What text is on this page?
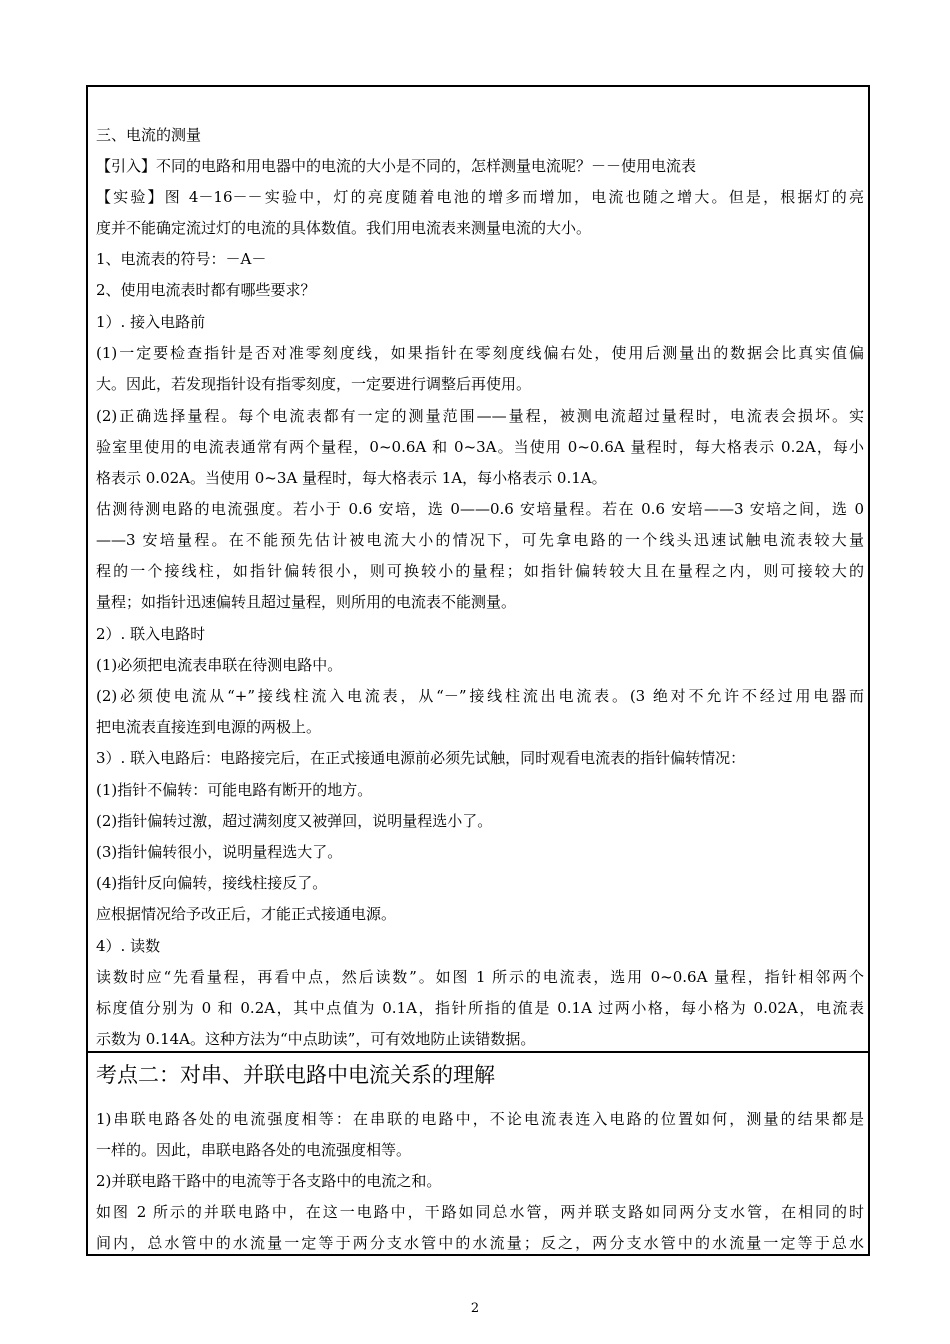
三、电流的测量
【引入】不同的电路和用电器中的电流的大小是不同的，怎样测量电流呢？－－使用电流表
【实验】图 4－16－－实验中，灯的亮度随着电池的增多而增加，电流也随之增大。但是，根据灯的亮
度并不能确定流过灯的电流的具体数值。我们用电流表来测量电流的大小。
1、电流表的符号：－A－
2、使用电流表时都有哪些要求？
1）. 接入电路前
(1)一定要检查指针是否对准零刻度线，如果指针在零刻度线偏右处，使用后测量出的数据会比真实值偏
大。因此，若发现指针设有指零刻度，一定要进行调整后再使用。
(2)正确选择量程。每个电流表都有一定的测量范围——量程，被测电流超过量程时，电流表会损坏。实
验室里使用的电流表通常有两个量程，0~0.6A 和 0~3A。当使用 0~0.6A 量程时，每大格表示 0.2A，每小
格表示 0.02A。当使用 0~3A 量程时，每大格表示 1A，每小格表示 0.1A。
估测待测电路的电流强度。若小于 0.6 安培，选 0——0.6 安培量程。若在 0.6 安培——3 安培之间，选 0
——3 安培量程。在不能预先估计被电流大小的情况下，可先拿电路的一个线头迅速试触电流表较大量
程的一个接线柱，如指针偏转很小，则可换较小的量程；如指针偏转较大且在量程之内，则可接较大的
量程；如指针迅速偏转且超过量程，则所用的电流表不能测量。
2）. 联入电路时
(1)必须把电流表串联在待测电路中。
(2)必须使电流从“+”接线柱流入电流表，从“－”接线柱流出电流表。(3 绝对不允许不经过用电器而
把电流表直接连到电源的两极上。
3）. 联入电路后：电路接完后，在正式接通电源前必须先试触，同时观看电流表的指针偏转情况：
(1)指针不偏转：可能电路有断开的地方。
(2)指针偏转过激，超过满刻度又被弹回，说明量程选小了。
(3)指针偏转很小，说明量程选大了。
(4)指针反向偏转，接线柱接反了。
应根据情况给予改正后，才能正式接通电源。
4）. 读数
读数时应“先看量程，再看中点，然后读数”。如图 1 所示的电流表，选用 0~0.6A 量程，指针相邻两个
标度值分别为 0 和 0.2A，其中点值为 0.1A，指针所指的值是 0.1A 过两小格，每小格为 0.02A，电流表
示数为 0.14A。这种方法为“中点助读”，可有效地防止读错数据。
考点二：对串、并联电路中电流关系的理解
1)串联电路各处的电流强度相等：在串联的电路中，不论电流表连入电路的位置如何，测量的结果都是
一样的。因此，串联电路各处的电流强度相等。
2)并联电路干路中的电流等于各支路中的电流之和。
如图 2 所示的并联电路中，在这一电路中，干路如同总水管，两并联支路如同两分支水管，在相同的时
间内，总水管中的水流量一定等于两分支水管中的水流量；反之，两分支水管中的水流量一定等于总水
2
